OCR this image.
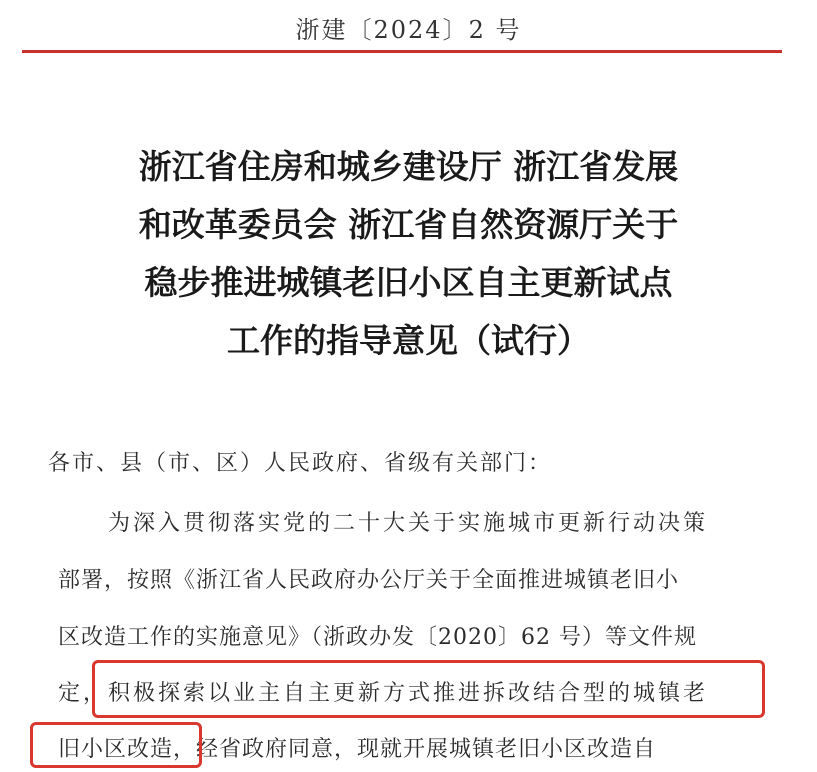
浙建〔2024〕2 号
浙江省住房和城乡建设厅 浙江省发展
和改革委员会 浙江省自然资源厅关于
稳步推进城镇老旧小区自主更新试点
工作的指导意见（试行）
各市、县（市、区）人民政府、省级有关部门：
为深入贯彻落实党的二十大关于实施城市更新行动决策
部署，按照《浙江省人民政府办公厅关于全面推进城镇老旧小
区改造工作的实施意见》（浙政办发〔2020〕62 号）等文件规
定，积极探索以业主自主更新方式推进拆改结合型的城镇老
旧小区改造，经省政府同意，现就开展城镇老旧小区改造自
